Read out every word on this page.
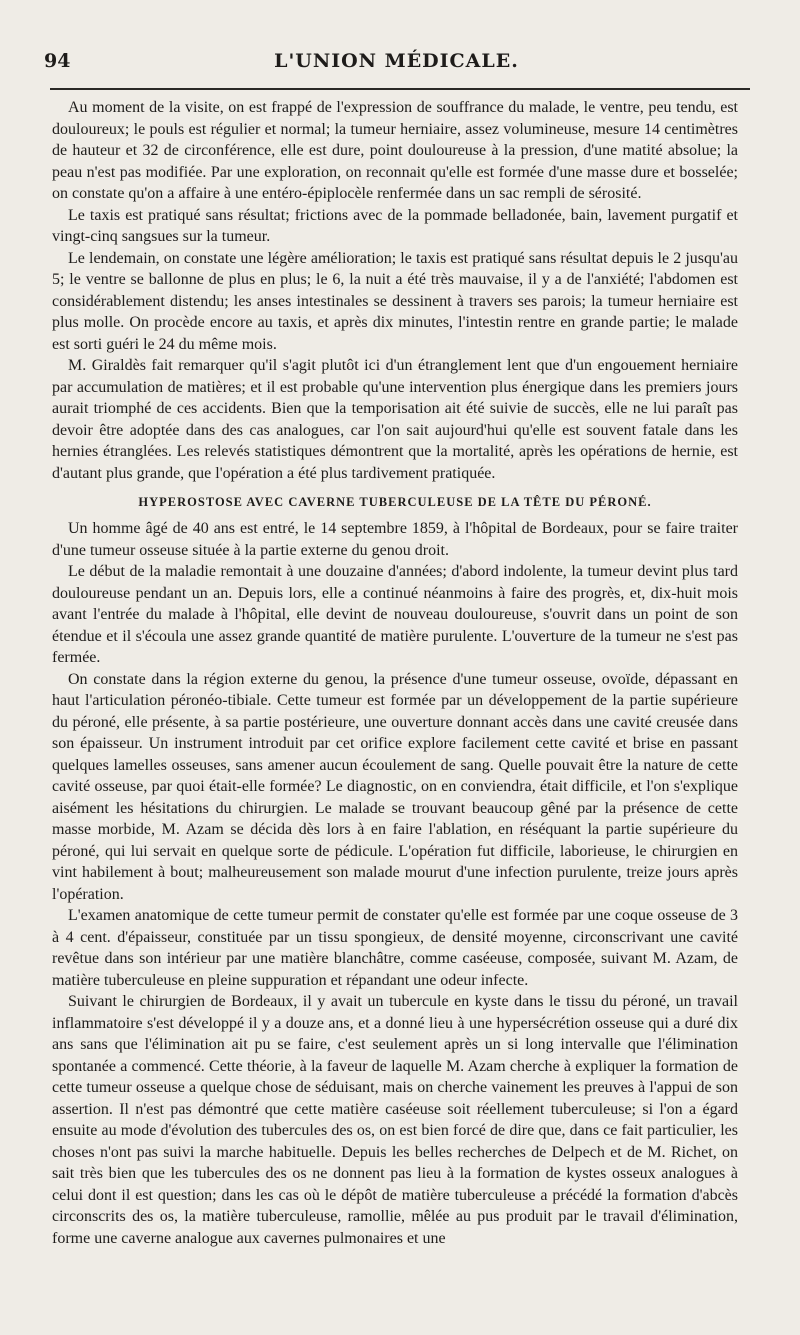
94	L'UNION MÉDICALE.

Au moment de la visite, on est frappé de l'expression de souffrance du malade, le ventre, peu tendu, est douloureux; le pouls est régulier et normal; la tumeur herniaire, assez volumineuse, mesure 14 centimètres de hauteur et 32 de circonférence, elle est dure, point douloureuse à la pression, d'une matité absolue; la peau n'est pas modifiée. Par une exploration, on reconnait qu'elle est formée d'une masse dure et bosselée; on constate qu'on a affaire à une entéro-épiplocèle renfermée dans un sac rempli de sérosité.

Le taxis est pratiqué sans résultat; frictions avec de la pommade belladonée, bain, lavement purgatif et vingt-cinq sangsues sur la tumeur.

Le lendemain, on constate une légère amélioration; le taxis est pratiqué sans résultat depuis le 2 jusqu'au 5; le ventre se ballonne de plus en plus; le 6, la nuit a été très mauvaise, il y a de l'anxiété; l'abdomen est considérablement distendu; les anses intestinales se dessinent à travers ses parois; la tumeur herniaire est plus molle. On procède encore au taxis, et après dix minutes, l'intestin rentre en grande partie; le malade est sorti guéri le 24 du même mois.

M. Giraldès fait remarquer qu'il s'agit plutôt ici d'un étranglement lent que d'un engouement herniaire par accumulation de matières; et il est probable qu'une intervention plus énergique dans les premiers jours aurait triomphé de ces accidents. Bien que la temporisation ait été suivie de succès, elle ne lui paraît pas devoir être adoptée dans des cas analogues, car l'on sait aujourd'hui qu'elle est souvent fatale dans les hernies étranglées. Les relevés statistiques démontrent que la mortalité, après les opérations de hernie, est d'autant plus grande, que l'opération a été plus tardivement pratiquée.

HYPEROSTOSE AVEC CAVERNE TUBERCULEUSE DE LA TÊTE DU PÉRONÉ.

Un homme âgé de 40 ans est entré, le 14 septembre 1859, à l'hôpital de Bordeaux, pour se faire traiter d'une tumeur osseuse située à la partie externe du genou droit.

Le début de la maladie remontait à une douzaine d'années; d'abord indolente, la tumeur devint plus tard douloureuse pendant un an. Depuis lors, elle a continué néanmoins à faire des progrès, et, dix-huit mois avant l'entrée du malade à l'hôpital, elle devint de nouveau douloureuse, s'ouvrit dans un point de son étendue et il s'écoula une assez grande quantité de matière purulente. L'ouverture de la tumeur ne s'est pas fermée.

On constate dans la région externe du genou, la présence d'une tumeur osseuse, ovoïde, dépassant en haut l'articulation péronéo-tibiale. Cette tumeur est formée par un développement de la partie supérieure du péroné, elle présente, à sa partie postérieure, une ouverture donnant accès dans une cavité creusée dans son épaisseur. Un instrument introduit par cet orifice explore facilement cette cavité et brise en passant quelques lamelles osseuses, sans amener aucun écoulement de sang. Quelle pouvait être la nature de cette cavité osseuse, par quoi était-elle formée? Le diagnostic, on en conviendra, était difficile, et l'on s'explique aisément les hésitations du chirurgien. Le malade se trouvant beaucoup gêné par la présence de cette masse morbide, M. Azam se décida dès lors à en faire l'ablation, en réséquant la partie supérieure du péroné, qui lui servait en quelque sorte de pédicule. L'opération fut difficile, laborieuse, le chirurgien en vint habilement à bout; malheureusement son malade mourut d'une infection purulente, treize jours après l'opération.

L'examen anatomique de cette tumeur permit de constater qu'elle est formée par une coque osseuse de 3 à 4 cent. d'épaisseur, constituée par un tissu spongieux, de densité moyenne, circonscrivant une cavité revêtue dans son intérieur par une matière blanchâtre, comme caséeuse, composée, suivant M. Azam, de matière tuberculeuse en pleine suppuration et répandant une odeur infecte.

Suivant le chirurgien de Bordeaux, il y avait un tubercule en kyste dans le tissu du péroné, un travail inflammatoire s'est développé il y a douze ans, et a donné lieu à une hypersécrétion osseuse qui a duré dix ans sans que l'élimination ait pu se faire, c'est seulement après un si long intervalle que l'élimination spontanée a commencé. Cette théorie, à la faveur de laquelle M. Azam cherche à expliquer la formation de cette tumeur osseuse a quelque chose de séduisant, mais on cherche vainement les preuves à l'appui de son assertion. Il n'est pas démontré que cette matière caséeuse soit réellement tuberculeuse; si l'on a égard ensuite au mode d'évolution des tubercules des os, on est bien forcé de dire que, dans ce fait particulier, les choses n'ont pas suivi la marche habituelle. Depuis les belles recherches de Delpech et de M. Richet, on sait très bien que les tubercules des os ne donnent pas lieu à la formation de kystes osseux analogues à celui dont il est question; dans les cas où le dépôt de matière tuberculeuse a précédé la formation d'abcès circonscrits des os, la matière tuberculeuse, ramollie, mêlée au pus produit par le travail d'élimination, forme une caverne analogue aux cavernes pulmonaires et une
